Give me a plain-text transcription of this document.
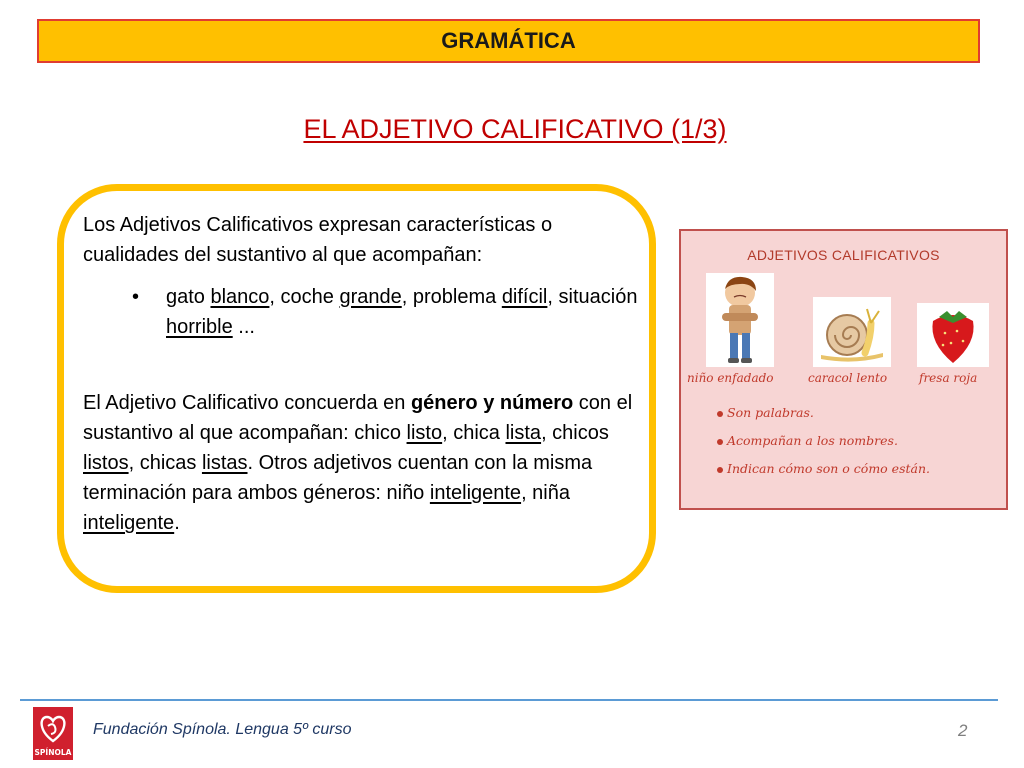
GRAMÁTICA
EL ADJETIVO CALIFICATIVO (1/3)

Los Adjetivos Calificativos expresan características o cualidades del sustantivo al que acompañan:

• gato blanco, coche grande, problema difícil, situación horrible ...

El Adjetivo Calificativo concuerda en género y número con el sustantivo al que acompañan: chico listo, chica lista, chicos listos, chicas listas. Otros adjetivos cuentan con la misma terminación para ambos géneros: niño inteligente, niña inteligente.

ADJETIVOS CALIFICATIVOS
niño enfadado	caracol lento	fresa roja
Son palabras.
Acompañan a los nombres.
Indican cómo son o cómo están.
SPÍNOLA
Fundación Spínola. Lengua 5º curso	2
